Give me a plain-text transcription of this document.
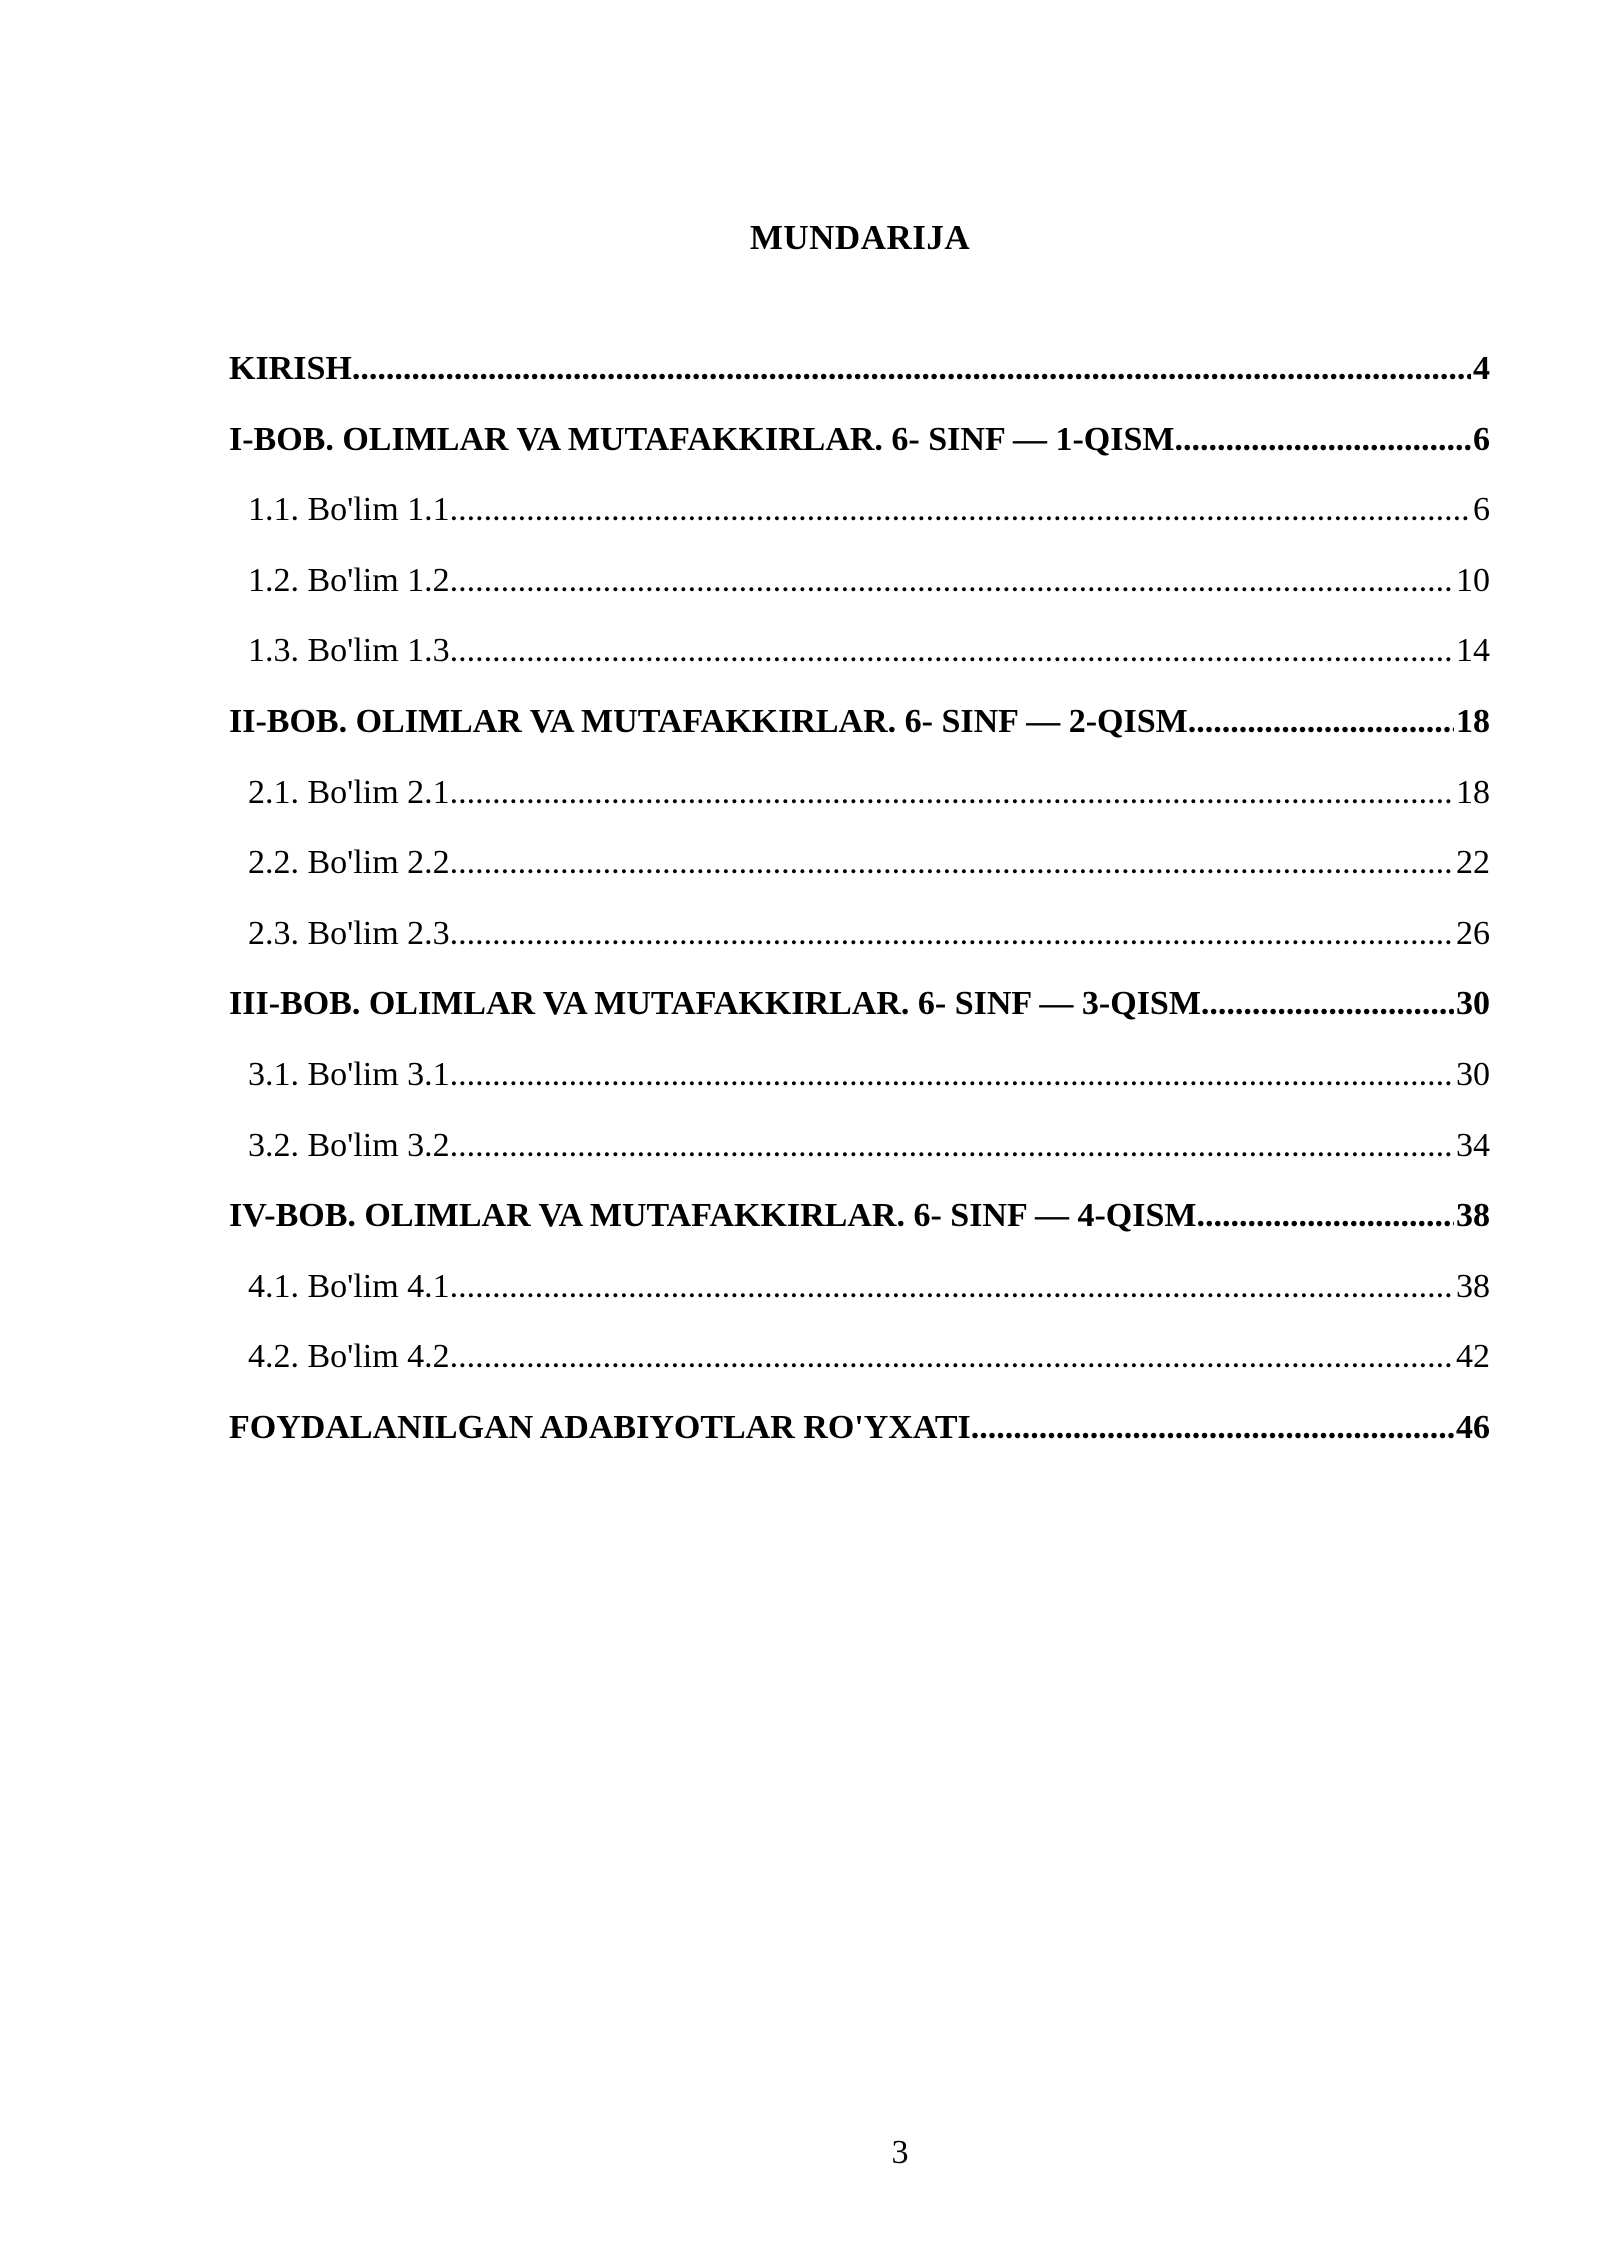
MUNDARIJA
KIRISH .....	4
I-BOB. OLIMLAR VA MUTAFAKKIRLAR. 6- SINF — 1-QISM .....	6
1.1. Bo'lim 1.1 .....	6
1.2. Bo'lim 1.2 .....	10
1.3. Bo'lim 1.3 .....	14
II-BOB. OLIMLAR VA MUTAFAKKIRLAR. 6- SINF — 2-QISM .....	18
2.1. Bo'lim 2.1 .....	18
2.2. Bo'lim 2.2 .....	22
2.3. Bo'lim 2.3 .....	26
III-BOB. OLIMLAR VA MUTAFAKKIRLAR. 6- SINF — 3-QISM .....	30
3.1. Bo'lim 3.1 .....	30
3.2. Bo'lim 3.2 .....	34
IV-BOB. OLIMLAR VA MUTAFAKKIRLAR. 6- SINF — 4-QISM .....	38
4.1. Bo'lim 4.1 .....	38
4.2. Bo'lim 4.2 .....	42
FOYDALANILGAN ADABIYOTLAR RO'YXATI .....	46
3
